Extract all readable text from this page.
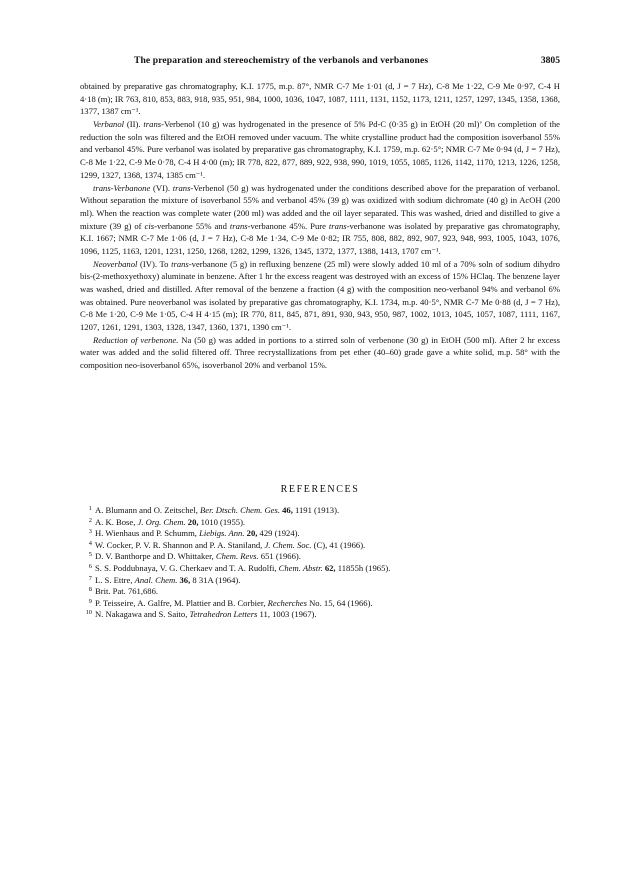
The preparation and stereochemistry of the verbanols and verbanones	3805

obtained by preparative gas chromatography, K.I. 1775, m.p. 87°, NMR C-7 Me 1·01 (d, J = 7 Hz), C-8 Me 1·22, C-9 Me 0·97, C-4 H 4·18 (m); IR 763, 810, 853, 883, 918, 935, 951, 984, 1000, 1036, 1047, 1087, 1111, 1131, 1152, 1173, 1211, 1257, 1297, 1345, 1358, 1368, 1377, 1387 cm⁻¹.

Verbanol (II). trans-Verbenol (10 g) was hydrogenated in the presence of 5% Pd-C (0·35 g) in EtOH (20 ml)’ On completion of the reduction the soln was filtered and the EtOH removed under vacuum. The white crystalline product had the composition isoverbanol 55% and verbanol 45%. Pure verbanol was isolated by preparative gas chromatography, K.I. 1759, m.p. 62·5°; NMR C-7 Me 0·94 (d, J = 7 Hz), C-8 Me 1·22, C-9 Me 0·78, C-4 H 4·00 (m); IR 778, 822, 877, 889, 922, 938, 990, 1019, 1055, 1085, 1126, 1142, 1170, 1213, 1226, 1258, 1299, 1327, 1368, 1374, 1385 cm⁻¹.

trans-Verbanone (VI). trans-Verbenol (50 g) was hydrogenated under the conditions described above for the preparation of verbanol. Without separation the mixture of isoverbanol 55% and verbanol 45% (39 g) was oxidized with sodium dichromate (40 g) in AcOH (200 ml). When the reaction was complete water (200 ml) was added and the oil layer separated. This was washed, dried and distilled to give a mixture (39 g) of cis-verbanone 55% and trans-verbanone 45%. Pure trans-verbanone was isolated by preparative gas chromatography, K.I. 1667; NMR C-7 Me 1·06 (d, J = 7 Hz), C-8 Me 1·34, C-9 Me 0·82; IR 755, 808, 882, 892, 907, 923, 948, 993, 1005, 1043, 1076, 1096, 1125, 1163, 1201, 1231, 1250, 1268, 1282, 1299, 1326, 1345, 1372, 1377, 1388, 1413, 1707 cm⁻¹.

Neoverbanol (IV). To trans-verbanone (5 g) in refluxing benzene (25 ml) were slowly added 10 ml of a 70% soln of sodium dihydro bis-(2-methoxyethoxy) aluminate in benzene. After 1 hr the excess reagent was destroyed with an excess of 15% HClaq. The benzene layer was washed, dried and distilled. After removal of the benzene a fraction (4 g) with the composition neo-verbanol 94% and verbanol 6% was obtained. Pure neoverbanol was isolated by preparative gas chromatography, K.I. 1734, m.p. 40·5°, NMR C-7 Me 0·88 (d, J = 7 Hz), C-8 Me 1·20, C-9 Me 1·05, C-4 H 4·15 (m); IR 770, 811, 845, 871, 891, 930, 943, 950, 987, 1002, 1013, 1045, 1057, 1087, 1111, 1167, 1207, 1261, 1291, 1303, 1328, 1347, 1360, 1371, 1390 cm⁻¹.

Reduction of verbenone. Na (50 g) was added in portions to a stirred soln of verbenone (30 g) in EtOH (500 ml). After 2 hr excess water was added and the solid filtered off. Three recrystallizations from pet ether (40–60) grade gave a white solid, m.p. 58° with the composition neo-isoverbanol 65%, isoverbanol 20% and verbanol 15%.

REFERENCES
1 A. Blumann and O. Zeitschel, Ber. Dtsch. Chem. Ges. 46, 1191 (1913).
2 A. K. Bose, J. Org. Chem. 20, 1010 (1955).
3 H. Wienhaus and P. Schumm, Liebigs. Ann. 20, 429 (1924).
4 W. Cocker, P. V. R. Shannon and P. A. Staniland, J. Chem. Soc. (C), 41 (1966).
5 D. V. Banthorpe and D. Whittaker, Chem. Revs. 651 (1966).
6 S. S. Poddubnaya, V. G. Cherkaev and T. A. Rudolfi, Chem. Abstr. 62, 11855h (1965).
7 L. S. Ettre, Anal. Chem. 36, 8 31A (1964).
8 Brit. Pat. 761,686.
9 P. Teisseire, A. Galfre, M. Plattier and B. Corbier, Recherches No. 15, 64 (1966).
10 N. Nakagawa and S. Saito, Tetrahedron Letters 11, 1003 (1967).
